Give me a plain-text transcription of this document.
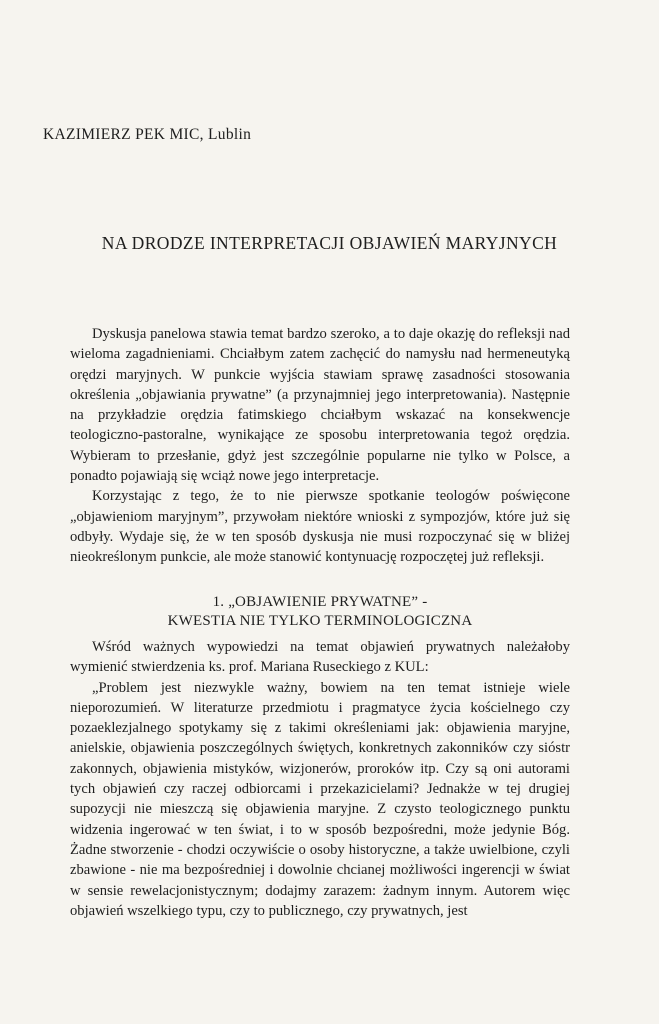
KAZIMIERZ PEK MIC, Lublin

NA DRODZE INTERPRETACJI OBJAWIEŃ MARYJNYCH

Dyskusja panelowa stawia temat bardzo szeroko, a to daje okazję do refleksji nad wieloma zagadnieniami. Chciałbym zatem zachęcić do namysłu nad hermeneutyką orędzi maryjnych. W punkcie wyjścia stawiam sprawę zasadności stosowania określenia „objawiania prywatne” (a przynajmniej jego interpretowania). Następnie na przykładzie orędzia fatimskiego chciałbym wskazać na konsekwencje teologiczno-pastoralne, wynikające ze sposobu interpretowania tegoż orędzia. Wybieram to przesłanie, gdyż jest szczególnie popularne nie tylko w Polsce, a ponadto pojawiają się wciąż nowe jego interpretacje.

Korzystając z tego, że to nie pierwsze spotkanie teologów poświęcone „objawieniom maryjnym”, przywołam niektóre wnioski z sympozjów, które już się odbyły. Wydaje się, że w ten sposób dyskusja nie musi rozpoczynać się w bliżej nieokreślonym punkcie, ale może stanowić kontynuację rozpoczętej już refleksji.

1. „OBJAWIENIE PRYWATNE” -
KWESTIA NIE TYLKO TERMINOLOGICZNA

Wśród ważnych wypowiedzi na temat objawień prywatnych należałoby wymienić stwierdzenia ks. prof. Mariana Ruseckiego z KUL:

„Problem jest niezwykle ważny, bowiem na ten temat istnieje wiele nieporozumień. W literaturze przedmiotu i pragmatyce życia kościelnego czy pozaeklezjalnego spotykamy się z takimi określeniami jak: objawienia maryjne, anielskie, objawienia poszczególnych świętych, konkretnych zakonników czy sióstr zakonnych, objawienia mistyków, wizjonerów, proroków itp. Czy są oni autorami tych objawień czy raczej odbiorcami i przekazicielami? Jednakże w tej drugiej supozycji nie mieszczą się objawienia maryjne. Z czysto teologicznego punktu widzenia ingerować w ten świat, i to w sposób bezpośredni, może jedynie Bóg. Żadne stworzenie - chodzi oczywiście o osoby historyczne, a także uwielbione, czyli zbawione - nie ma bezpośredniej i dowolnie chcianej możliwości ingerencji w świat w sensie rewelacjonistycznym; dodajmy zarazem: żadnym innym. Autorem więc objawień wszelkiego typu, czy to publicznego, czy prywatnych, jest
